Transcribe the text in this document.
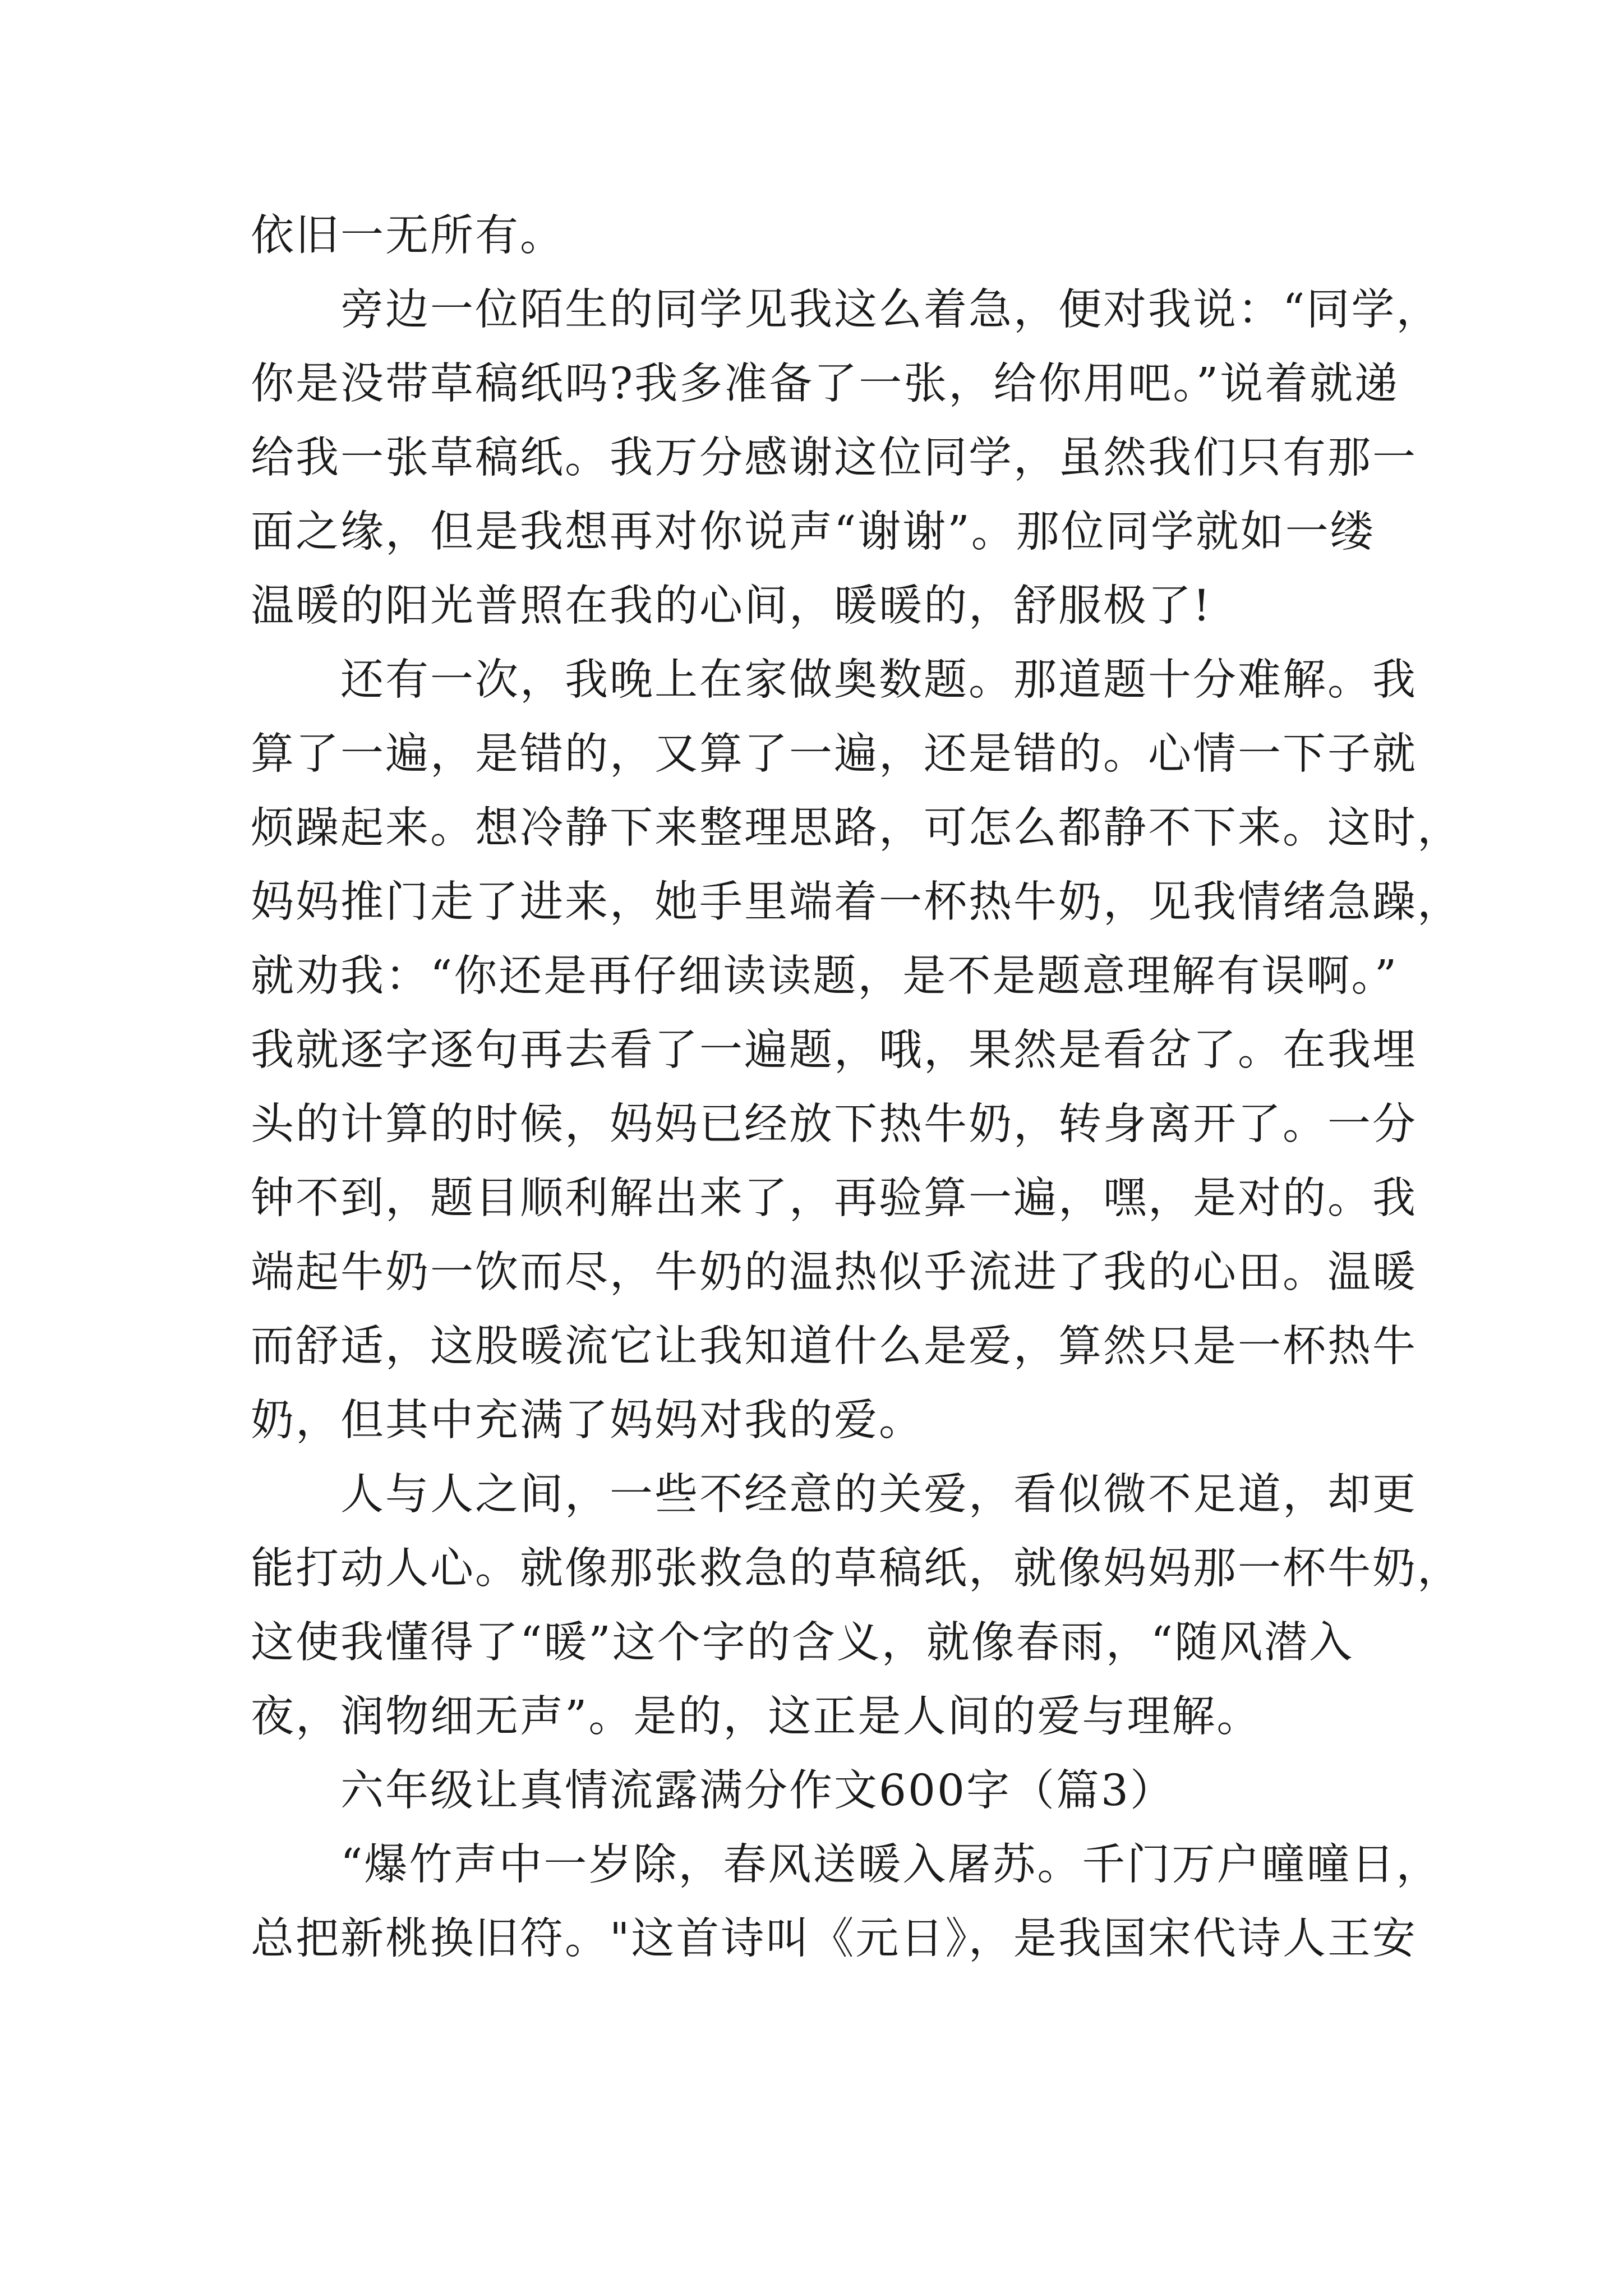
依旧一无所有。
　　旁边一位陌生的同学见我这么着急，便对我说：“同学，
你是没带草稿纸吗?我多准备了一张，给你用吧。”说着就递
给我一张草稿纸。我万分感谢这位同学，虽然我们只有那一
面之缘，但是我想再对你说声“谢谢”。那位同学就如一缕
温暖的阳光普照在我的心间，暖暖的，舒服极了!
　　还有一次，我晚上在家做奥数题。那道题十分难解。我
算了一遍，是错的，又算了一遍，还是错的。心情一下子就
烦躁起来。想冷静下来整理思路，可怎么都静不下来。这时，
妈妈推门走了进来，她手里端着一杯热牛奶，见我情绪急躁，
就劝我：“你还是再仔细读读题，是不是题意理解有误啊。”
我就逐字逐句再去看了一遍题，哦，果然是看岔了。在我埋
头的计算的时候，妈妈已经放下热牛奶，转身离开了。一分
钟不到，题目顺利解出来了，再验算一遍，嘿，是对的。我
端起牛奶一饮而尽，牛奶的温热似乎流进了我的心田。温暖
而舒适，这股暖流它让我知道什么是爱，算然只是一杯热牛
奶，但其中充满了妈妈对我的爱。
　　人与人之间，一些不经意的关爱，看似微不足道，却更
能打动人心。就像那张救急的草稿纸，就像妈妈那一杯牛奶，
这使我懂得了“暖”这个字的含义，就像春雨，“随风潜入
夜，润物细无声”。是的，这正是人间的爱与理解。
　　六年级让真情流露满分作文600字（篇3）
　　“爆竹声中一岁除，春风送暖入屠苏。千门万户曈曈日，
总把新桃换旧符。"这首诗叫《元日》，是我国宋代诗人王安
